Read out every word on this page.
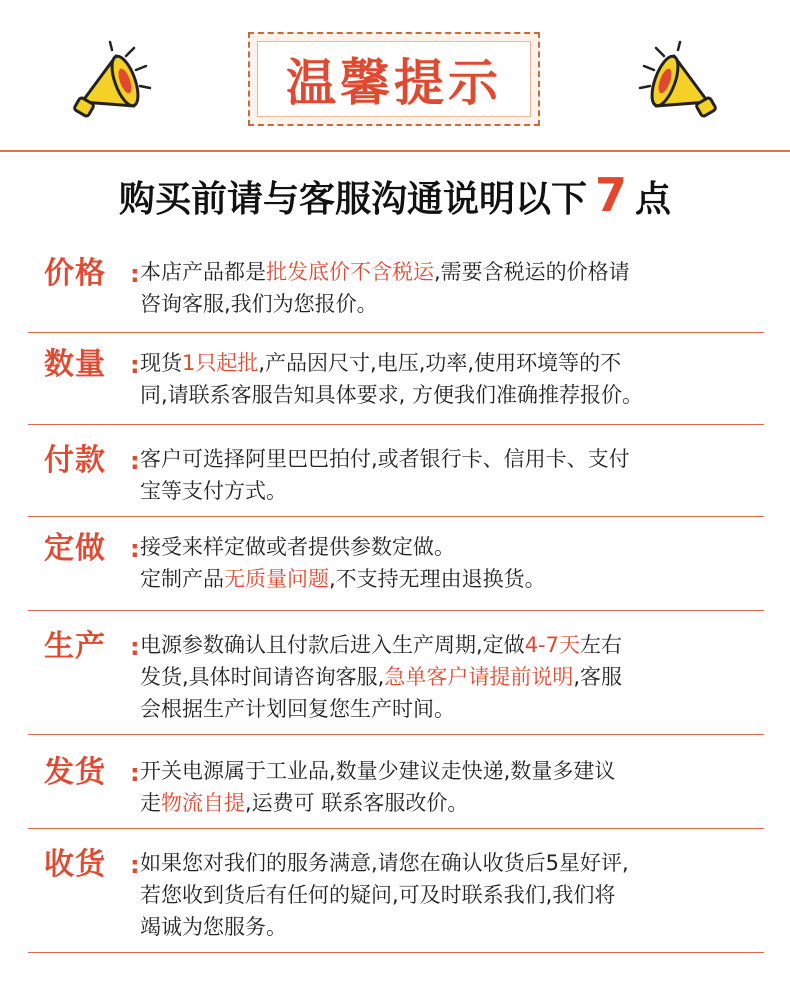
温馨提示
购买前请与客服沟通说明以下 7 点
价格	: 本店产品都是批发底价不含税运,需要含税运的价格请
咨询客服,我们为您报价。
数量	: 现货1只起批,产品因尺寸,电压,功率,使用环境等的不
同,请联系客服告知具体要求, 方便我们准确推荐报价。
付款	: 客户可选择阿里巴巴拍付,或者银行卡、信用卡、支付
宝等支付方式。
定做	: 接受来样定做或者提供参数定做。
定制产品无质量问题,不支持无理由退换货。
生产	: 电源参数确认且付款后进入生产周期,定做4-7天左右
发货,具体时间请咨询客服,急单客户请提前说明,客服
会根据生产计划回复您生产时间。
发货	: 开关电源属于工业品,数量少建议走快递,数量多建议
走物流自提,运费可 联系客服改价。
收货	: 如果您对我们的服务满意,请您在确认收货后5星好评,
若您收到货后有任何的疑问,可及时联系我们,我们将
竭诚为您服务。
